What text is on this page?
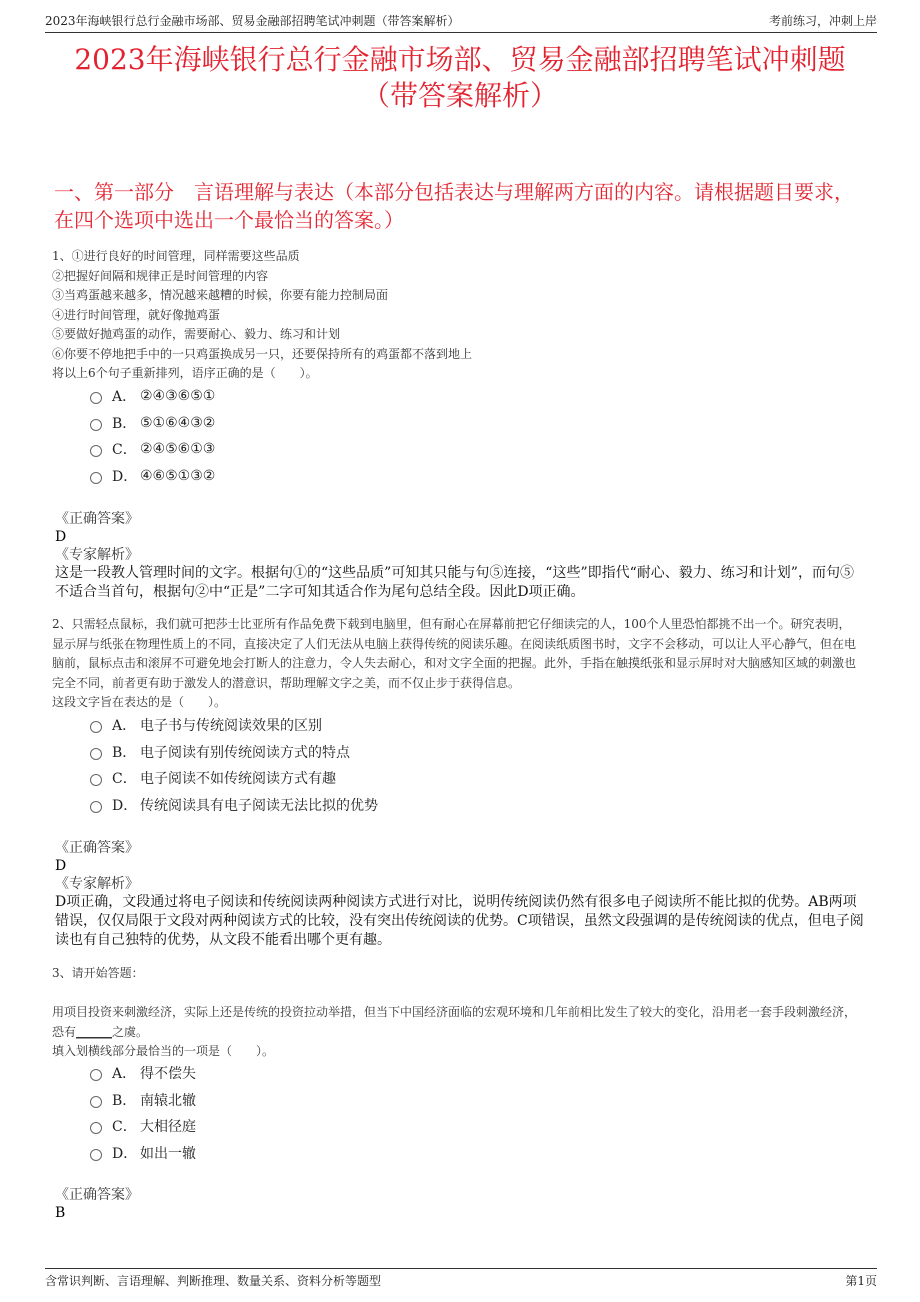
2023年海峡银行总行金融市场部、贸易金融部招聘笔试冲刺题（带答案解析）	考前练习，冲刺上岸
2023年海峡银行总行金融市场部、贸易金融部招聘笔试冲刺题
（带答案解析）
一、第一部分　言语理解与表达（本部分包括表达与理解两方面的内容。请根据题目要求，在四个选项中选出一个最恰当的答案。）

1、①进行良好的时间管理，同样需要这些品质

②把握好间隔和规律正是时间管理的内容

③当鸡蛋越来越多，情况越来越糟的时候，你要有能力控制局面

④进行时间管理，就好像抛鸡蛋

⑤要做好抛鸡蛋的动作，需要耐心、毅力、练习和计划

⑥你要不停地把手中的一只鸡蛋换成另一只，还要保持所有的鸡蛋都不落到地上

将以上6个句子重新排列，语序正确的是（　　）。

A． ②④③⑥⑤①
B． ⑤①⑥④③②
C． ②④⑤⑥①③
D． ④⑥⑤①③②
《正确答案》
D
《专家解析》
这是一段教人管理时间的文字。根据句①的“这些品质”可知其只能与句⑤连接，“这些”即指代“耐心、毅力、练习和计划”，而句⑤不适合当首句，根据句②中“正是”二字可知其适合作为尾句总结全段。因此D项正确。

2、只需轻点鼠标，我们就可把莎士比亚所有作品免费下载到电脑里，但有耐心在屏幕前把它仔细读完的人，100个人里恐怕都挑不出一个。研究表明，显示屏与纸张在物理性质上的不同，直接决定了人们无法从电脑上获得传统的阅读乐趣。在阅读纸质图书时，文字不会移动，可以让人平心静气，但在电脑前，鼠标点击和滚屏不可避免地会打断人的注意力，令人失去耐心，和对文字全面的把握。此外，手指在触摸纸张和显示屏时对大脑感知区域的刺激也完全不同，前者更有助于激发人的潜意识，帮助理解文字之美，而不仅止步于获得信息。

这段文字旨在表达的是（　　）。

A． 电子书与传统阅读效果的区别
B． 电子阅读有别传统阅读方式的特点
C． 电子阅读不如传统阅读方式有趣
D． 传统阅读具有电子阅读无法比拟的优势
《正确答案》
D
《专家解析》
D项正确，文段通过将电子阅读和传统阅读两种阅读方式进行对比，说明传统阅读仍然有很多电子阅读所不能比拟的优势。AB两项错误，仅仅局限于文段对两种阅读方式的比较，没有突出传统阅读的优势。C项错误，虽然文段强调的是传统阅读的优点，但电子阅读也有自己独特的优势，从文段不能看出哪个更有趣。
3、请开始答题：

用项目投资来刺激经济，实际上还是传统的投资拉动举措，但当下中国经济面临的宏观环境和几年前相比发生了较大的变化，沿用老一套手段刺激经济，恐有______之虞。

填入划横线部分最恰当的一项是（　　）。

A． 得不偿失
B． 南辕北辙
C． 大相径庭
D． 如出一辙
《正确答案》
B
含常识判断、言语理解、判断推理、数量关系、资料分析等题型	第1页
